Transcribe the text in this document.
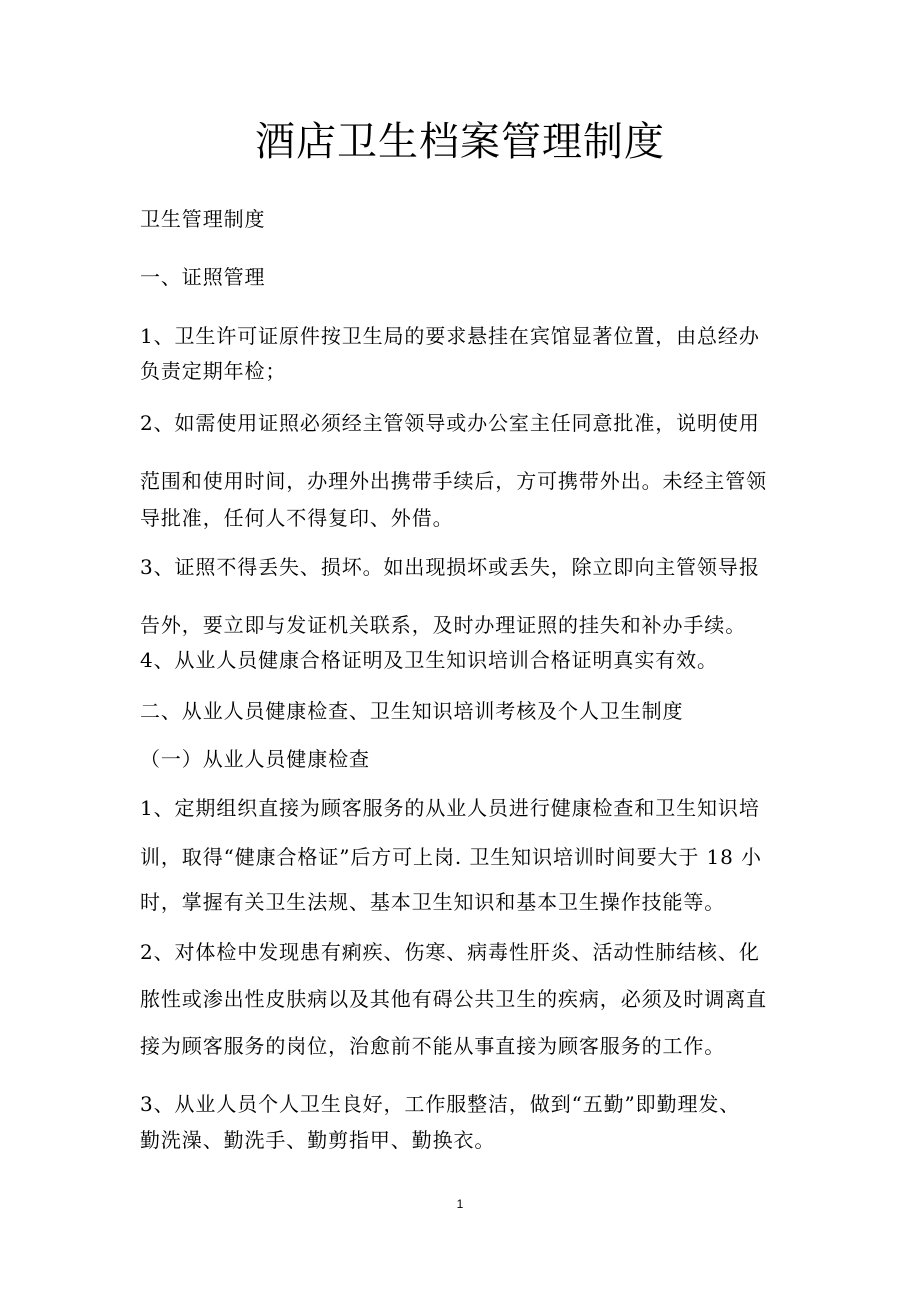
酒店卫生档案管理制度
卫生管理制度
一、证照管理
1、卫生许可证原件按卫生局的要求悬挂在宾馆显著位置，由总经办
负责定期年检；
2、如需使用证照必须经主管领导或办公室主任同意批准，说明使用
范围和使用时间，办理外出携带手续后，方可携带外出。未经主管领
导批准，任何人不得复印、外借。
3、证照不得丢失、损坏。如出现损坏或丢失，除立即向主管领导报
告外，要立即与发证机关联系，及时办理证照的挂失和补办手续。
4、从业人员健康合格证明及卫生知识培训合格证明真实有效。
二、从业人员健康检查、卫生知识培训考核及个人卫生制度
（一）从业人员健康检查
1、定期组织直接为顾客服务的从业人员进行健康检查和卫生知识培
训，取得“健康合格证”后方可上岗. 卫生知识培训时间要大于 18 小
时，掌握有关卫生法规、基本卫生知识和基本卫生操作技能等。
2、对体检中发现患有痢疾、伤寒、病毒性肝炎、活动性肺结核、化
脓性或渗出性皮肤病以及其他有碍公共卫生的疾病，必须及时调离直
接为顾客服务的岗位，治愈前不能从事直接为顾客服务的工作。
3、从业人员个人卫生良好，工作服整洁，做到“五勤”即勤理发、
勤洗澡、勤洗手、勤剪指甲、勤换衣。
1
